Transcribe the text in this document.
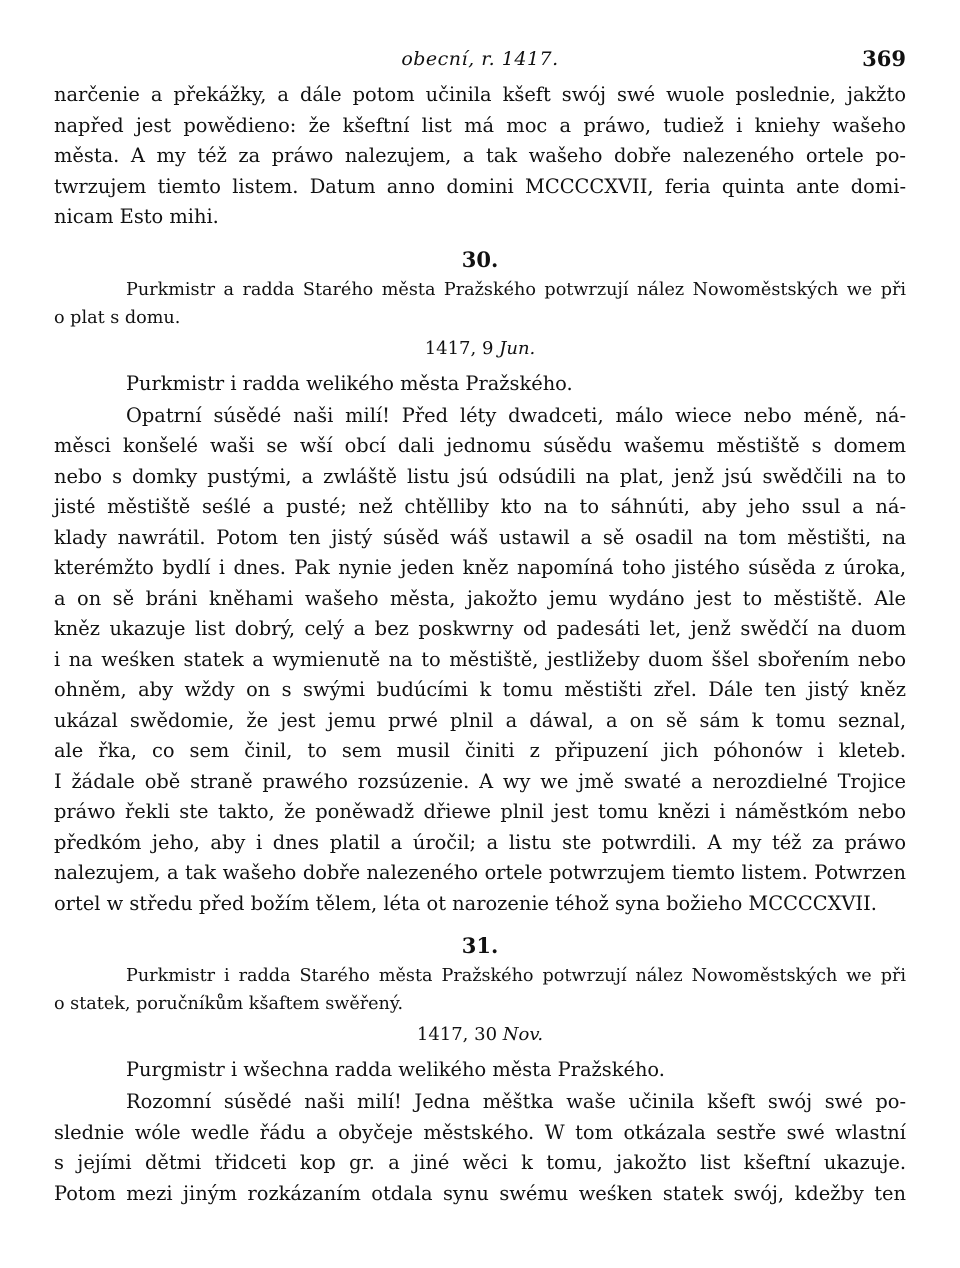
obecní, r. 1417.	369

narčenie a překážky, a dále potom učinila kšeft swój swé wuole poslednie, jakžto
napřed jest powědieno: že kšeftní list má moc a práwo, tudiež i kniehy wašeho
města. A my též za práwo nalezujem, a tak wašeho dobře nalezeného ortele po-
twrzujem tiemto listem. Datum anno domini MCCCCXVII, feria quinta ante domi-
nicam Esto mihi.

30.

Purkmistr a radda Starého města Pražského potwrzují nález Nowoměstských we při
o plat s domu.

1417, 9 Jun.

Purkmistr i radda welikého města Pražského.

Opatrní súsědé naši milí! Před léty dwadceti, málo wiece nebo méně, ná-
měsci konšelé waši se wší obcí dali jednomu súsědu wašemu městiště s domem
nebo s domky pustými, a zwláště listu jsú odsúdili na plat, jenž jsú swědčili na to
jisté městiště seślé a pusté; než chtělliby kto na to sáhnúti, aby jeho ssul a ná-
klady nawrátil. Potom ten jistý súsěd wáš ustawil a sě osadil na tom městišti, na
kterémžto bydlí i dnes. Pak nynie jeden kněz napomíná toho jistého súsěda z úroka,
a on sě bráni kněhami wašeho města, jakožto jemu wydáno jest to městiště. Ale
kněz ukazuje list dobrý, celý a bez poskwrny od padesáti let, jenž swědčí na duom
i na weśken statek a wymienutě na to městiště, jestližeby duom ššel sbořením nebo
ohněm, aby wždy on s swými budúcími k tomu městišti zřel. Dále ten jistý kněz
ukázal swědomie, že jest jemu prwé plnil a dáwal, a on sě sám k tomu seznal,
ale řka, co sem činil, to sem musil činiti z připuzení jich póhonów i kleteb.
I žádale obě straně prawého rozsúzenie. A wy we jmě swaté a nerozdielné Trojice
práwo řekli ste takto, že poněwadž dřiewe plnil jest tomu knězi i náměstkóm nebo
předkóm jeho, aby i dnes platil a úročil; a listu ste potwrdili. A my též za práwo
nalezujem, a tak wašeho dobře nalezeného ortele potwrzujem tiemto listem. Potwrzen
ortel w středu před božím tělem, léta ot narozenie téhož syna božieho MCCCCXVII.

31.

Purkmistr i radda Starého města Pražského potwrzují nález Nowoměstských we při
o statek, poručníkům kšaftem swěřený.

1417, 30 Nov.

Purgmistr i wšechna radda welikého města Pražského.

Rozomní súsědé naši milí! Jedna měštka waše učinila kšeft swój swé po-
slednie wóle wedle řádu a obyčeje městského. W tom otkázala sestře swé wlastní
s jejími dětmi třidceti kop gr. a jiné wěci k tomu, jakožto list kšeftní ukazuje.
Potom mezi jiným rozkázaním otdala synu swému weśken statek swój, kdežby ten
